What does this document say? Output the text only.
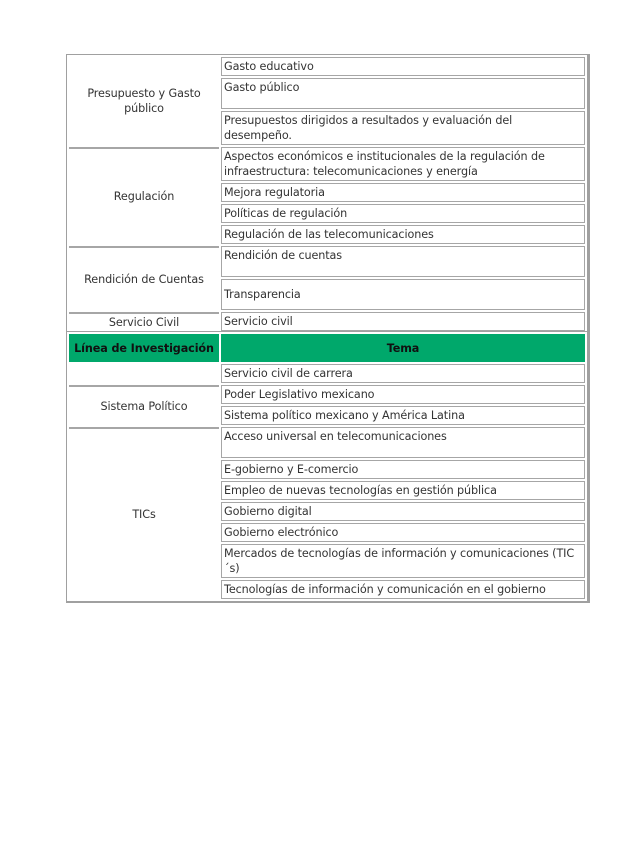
Presupuesto y Gasto público	Gasto educativo
	Gasto público
	Presupuestos dirigidos a resultados y evaluación del desempeño.
Regulación	Aspectos económicos e institucionales de la regulación de infraestructura: telecomunicaciones y energía
	Mejora regulatoria
	Políticas de regulación
	Regulación de las telecomunicaciones
Rendición de Cuentas	Rendición de cuentas
	Transparencia
Servicio Civil	Servicio civil
Línea de Investigación	Tema
	Servicio civil de carrera
Sistema Político	Poder Legislativo mexicano
	Sistema político mexicano y América Latina
TICs	Acceso universal en telecomunicaciones
	E-gobierno y E-comercio
	Empleo de nuevas tecnologías en gestión pública
	Gobierno digital
	Gobierno electrónico
	Mercados de tecnologías de información y comunicaciones (TIC´s)
	Tecnologías de información y comunicación en el gobierno
